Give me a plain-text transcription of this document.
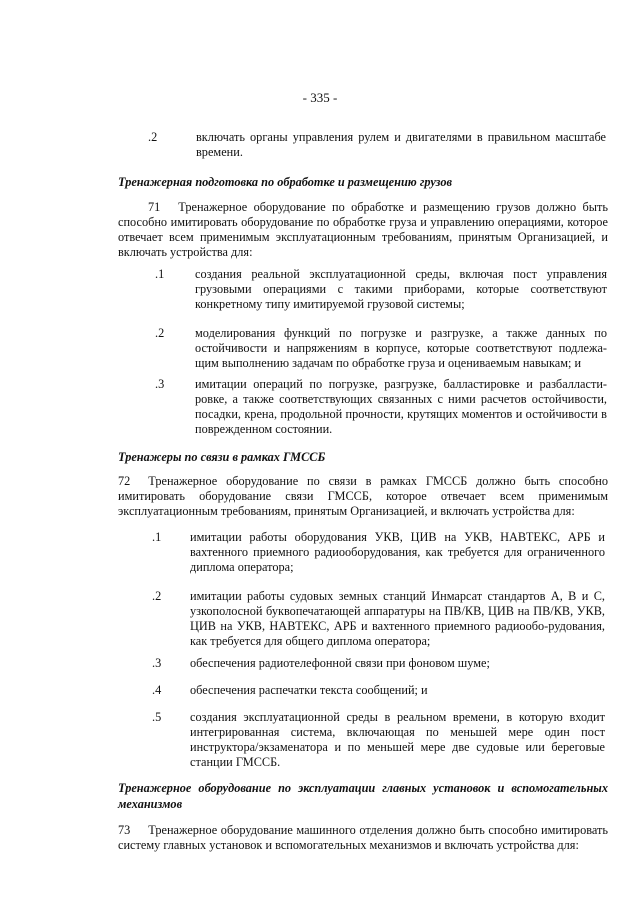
- 335 -
.2	включать органы управления рулем и двигателями в правильном масштабе времени.
Тренажерная подготовка по обработке и размещению грузов
71 Тренажерное оборудование по обработке и размещению грузов должно быть способно имитировать оборудование по обработке груза и управлению операциями, которое отвечает всем применимым эксплуатационным требованиям, принятым Организацией, и включать устройства для:
.1	создания реальной эксплуатационной среды, включая пост управления грузовыми операциями с такими приборами, которые соответствуют конкретному типу имитируемой грузовой системы;
.2	моделирования функций по погрузке и разгрузке, а также данных по остойчивости и напряжениям в корпусе, которые соответствуют подлежа-щим выполнению задачам по обработке груза и оцениваемым навыкам; и
.3	имитации операций по погрузке, разгрузке, балластировке и разбалласти-ровке, а также соответствующих связанных с ними расчетов остойчивости, посадки, крена, продольной прочности, крутящих моментов и остойчивости в поврежденном состоянии.
Тренажеры по связи в рамках ГМССБ
72 Тренажерное оборудование по связи в рамках ГМССБ должно быть способно имитировать оборудование связи ГМССБ, которое отвечает всем применимым эксплуатационным требованиям, принятым Организацией, и включать устройства для:
.1 имитации работы оборудования УКВ, ЦИВ на УКВ, НАВТЕКС, АРБ и вахтенного приемного радиооборудования, как требуется для ограниченного диплома оператора;
.2 имитации работы судовых земных станций Инмарсат стандартов A, B и C, узкополосной буквопечатающей аппаратуры на ПВ/КВ, ЦИВ на ПВ/КВ, УКВ, ЦИВ на УКВ, НАВТЕКС, АРБ и вахтенного приемного радиообо-рудования, как требуется для общего диплома оператора;
.3 обеспечения радиотелефонной связи при фоновом шуме;
.4 обеспечения распечатки текста сообщений; и
.5 создания эксплуатационной среды в реальном времени, в которую входит интегрированная система, включающая по меньшей мере один пост инструктора/экзаменатора и по меньшей мере две судовые или береговые станции ГМССБ.
Тренажерное оборудование по эксплуатации главных установок и вспомогательных механизмов
73 Тренажерное оборудование машинного отделения должно быть способно имитировать систему главных установок и вспомогательных механизмов и включать устройства для:
